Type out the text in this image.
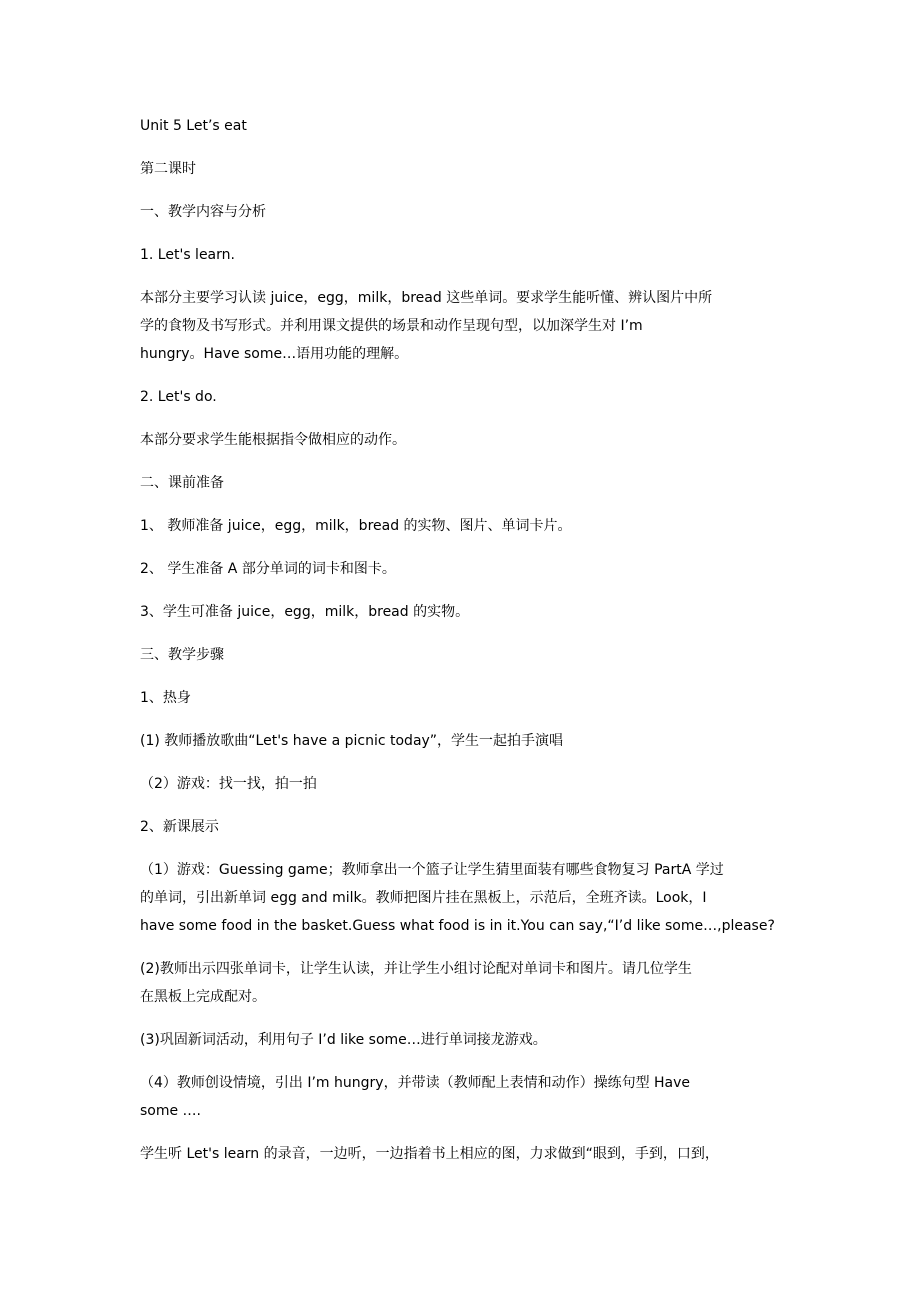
Unit 5 Let’s eat

第二课时

一、教学内容与分析

1. Let's learn.

本部分主要学习认读 juice，egg，milk，bread 这些单词。要求学生能听懂、辨认图片中所

学的食物及书写形式。并利用课文提供的场景和动作呈现句型，以加深学生对 I’m

hungry。Have some…语用功能的理解。

2. Let's do.

本部分要求学生能根据指令做相应的动作。

二、课前准备

1、 教师准备 juice，egg，milk，bread 的实物、图片、单词卡片。

2、 学生准备 A 部分单词的词卡和图卡。

3、学生可准备 juice，egg，milk，bread 的实物。

三、教学步骤

1、热身

(1) 教师播放歌曲“Let's have a picnic today”，学生一起拍手演唱

（2）游戏：找一找，拍一拍

2、新课展示

（1）游戏：Guessing game；教师拿出一个篮子让学生猜里面装有哪些食物复习 PartA 学过

的单词，引出新单词 egg and milk。教师把图片挂在黑板上，示范后，全班齐读。Look，I

have some food in the basket.Guess what food is in it.You can say,“I’d like some…,please?

(2)教师出示四张单词卡，让学生认读，并让学生小组讨论配对单词卡和图片。请几位学生

在黑板上完成配对。

(3)巩固新词活动，利用句子 I’d like some…进行单词接龙游戏。

（4）教师创设情境，引出 I’m hungry，并带读（教师配上表情和动作）操练句型 Have

some ….

学生听 Let's learn 的录音，一边听，一边指着书上相应的图，力求做到“眼到，手到，口到，
